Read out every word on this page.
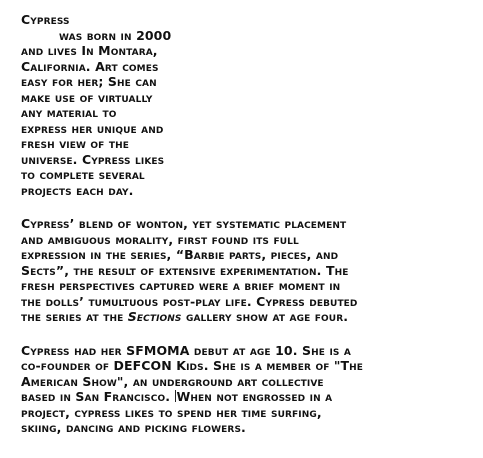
Cypress
was born in 2000
and lives In Montara,
California. Art comes
easy for her; She can
make use of virtually
any material to
express her unique and
fresh view of the
universe. Cypress likes
to complete several
projects each day.
Cypress’ blend of wonton, yet systematic placement
and ambiguous morality, first found its full
expression in the series, “Barbie parts, pieces, and
Sects”, the result of extensive experimentation. The
fresh perspectives captured were a brief moment in
the dolls’ tumultuous post-play life. Cypress debuted
the series at the Sections gallery show at age four.
Cypress had her SFMOMA debut at age 10. She is a
co-founder of DEFCON Kids. She is a member of "The
American Show", an underground art collective
based in San Francisco. When not engrossed in a
project, cypress likes to spend her time surfing,
skiing, dancing and picking flowers.
